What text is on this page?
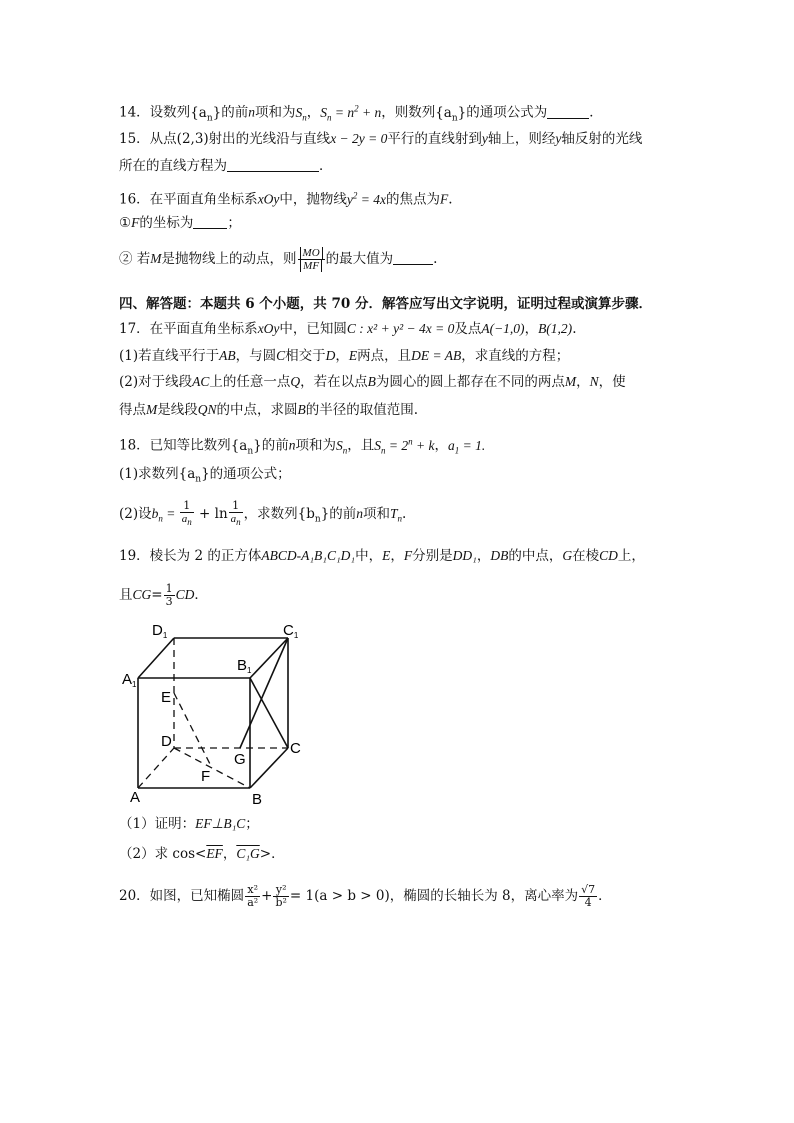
14．设数列$\{a_n\}$的前n项和为$S_n$，$S_n = n^2 + n$，则数列$\{a_n\}$的通项公式为	．
15．从点(2,3)射出的光线沿与直线x − 2y = 0平行的直线射到y轴上，则经y轴反射的光线
所在的直线方程为	．
16．在平面直角坐标系xOy中，抛物线$y^2 = 4x$的焦点为F.
①F的坐标为	；
② 若M是抛物线上的动点，则 $\frac{MO}{MF}$ 的最大值为	.
四、解答题：本题共 6 个小题，共 70 分．解答应写出文字说明，证明过程或演算步骤．
17．在平面直角坐标系xOy中，已知圆C : x² + y² − 4x = 0及点A(−1,0)，B(1,2).
(1)若直线平行于AB，与圆C相交于D，E两点，且DE = AB，求直线的方程；
(2)对于线段AC上的任意一点Q，若在以点B为圆心的圆上都存在不同的两点M，N，使
得点M是线段QN的中点，求圆B的半径的取值范围.
18．已知等比数列$\{a_n\}$的前n项和为$S_n$，且$S_n = 2^n + k$，$a_1 = 1$.
(1)求数列$\{a_n\}$的通项公式；
(2)设$b_n = \frac{1}{a_n} + \ln \frac{1}{a_n}$ ，求数列$\{b_n\}$的前n项和$T_n$.
19．棱长为 2 的正方体ABCD-A₁B₁C₁D₁中，E，F分别是DD₁，DB的中点，G在棱CD上，
且$CG= \frac{1}{3}$ CD．
$D_1$	$C_1$
$A_1$
$B_1$
E
D
G
C
F
A	B
（1）证明：EF⊥B₁C；
（2）求 $\cos<\overline{EF}$，C₁G>．
20．如图，已知椭圆 $\frac{\text{x²}}{\text{a²}} + \frac{\text{y²}}{\text{b²}} = 1(a > b > 0)$，椭圆的长轴长为 8，离心率为 $\frac{√7}{4}$ ．
